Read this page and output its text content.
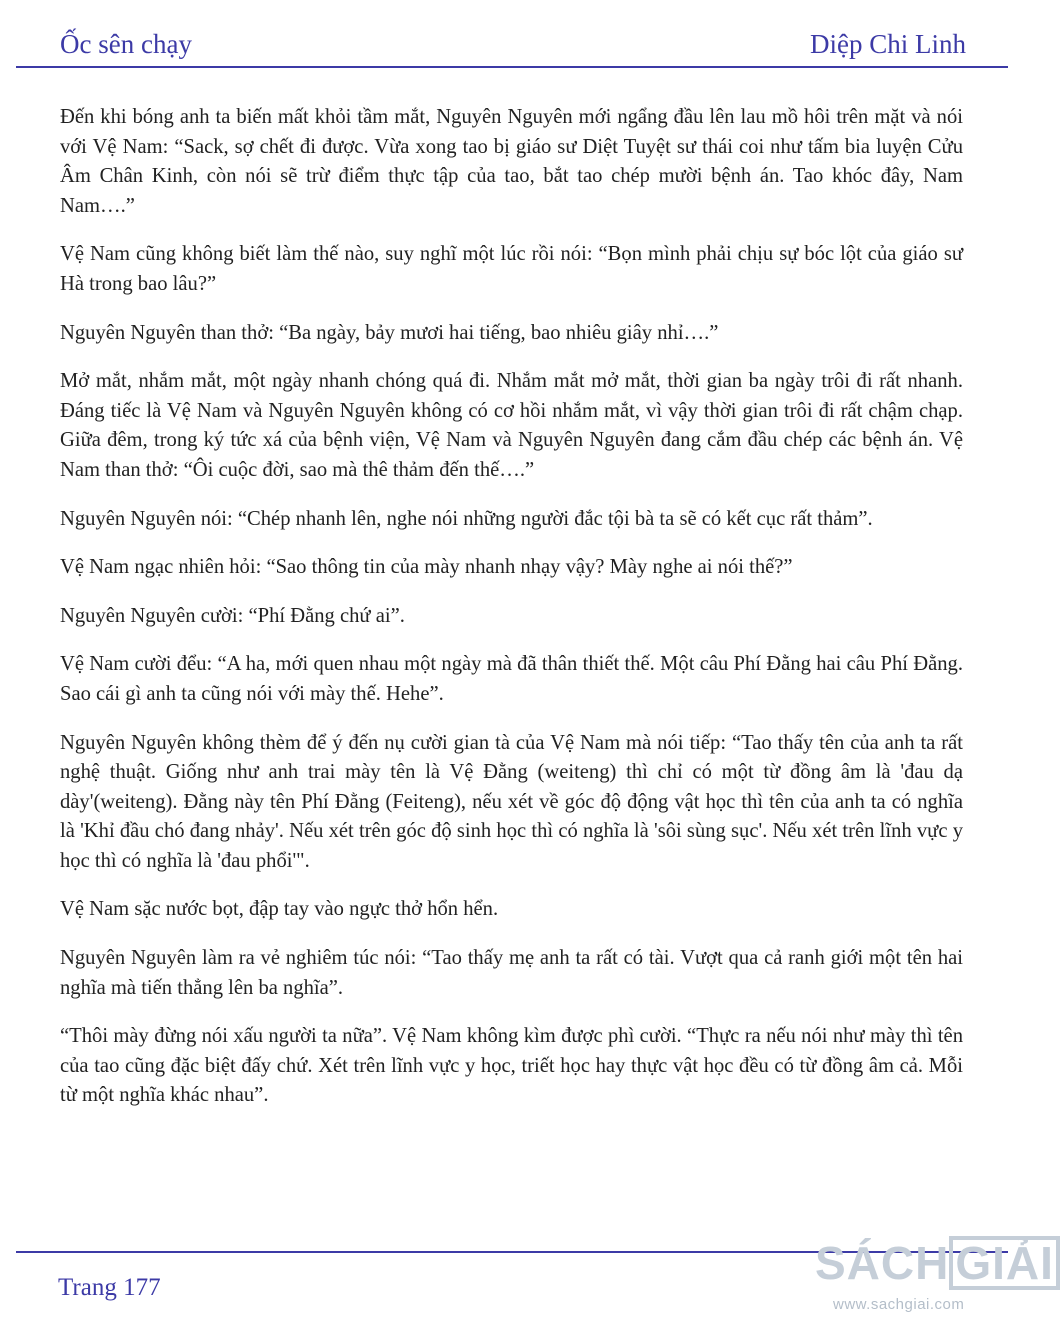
Ốc sên chạy	Diệp Chi Linh

Đến khi bóng anh ta biến mất khỏi tầm mắt, Nguyên Nguyên mới ngẩng đầu lên lau mồ hôi trên mặt và nói với Vệ Nam: “Sack, sợ chết đi được. Vừa xong tao bị giáo sư Diệt Tuyệt sư thái coi như tấm bia luyện Cửu Âm Chân Kinh, còn nói sẽ trừ điểm thực tập của tao, bắt tao chép mười bệnh án. Tao khóc đây, Nam Nam….”

Vệ Nam cũng không biết làm thế nào, suy nghĩ một lúc rồi nói: “Bọn mình phải chịu sự bóc lột của giáo sư Hà trong bao lâu?”

Nguyên Nguyên than thở: “Ba ngày, bảy mươi hai tiếng, bao nhiêu giây nhỉ….”

Mở mắt, nhắm mắt, một ngày nhanh chóng quá đi. Nhắm mắt mở mắt, thời gian ba ngày trôi đi rất nhanh. Đáng tiếc là Vệ Nam và Nguyên Nguyên không có cơ hồi nhắm mắt, vì vậy thời gian trôi đi rất chậm chạp. Giữa đêm, trong ký tức xá của bệnh viện, Vệ Nam và Nguyên Nguyên đang cắm đầu chép các bệnh án. Vệ Nam than thở: “Ôi cuộc đời, sao mà thê thảm đến thế….”

Nguyên Nguyên nói: “Chép nhanh lên, nghe nói những người đắc tội bà ta sẽ có kết cục rất thảm”.

Vệ Nam ngạc nhiên hỏi: “Sao thông tin của mày nhanh nhạy vậy? Mày nghe ai nói thế?”

Nguyên Nguyên cười: “Phí Đằng chứ ai”.

Vệ Nam cười đểu: “A ha, mới quen nhau một ngày mà đã thân thiết thế. Một câu Phí Đằng hai câu Phí Đằng. Sao cái gì anh ta cũng nói với mày thế. Hehe”.

Nguyên Nguyên không thèm để ý đến nụ cười gian tà của Vệ Nam mà nói tiếp: “Tao thấy tên của anh ta rất nghệ thuật. Giống như anh trai mày tên là Vệ Đằng (weiteng) thì chỉ có một từ đồng âm là 'đau dạ dày'(weiteng). Đằng này tên Phí Đằng (Feiteng), nếu xét về góc độ động vật học thì tên của anh ta có nghĩa là 'Khỉ đầu chó đang nhảy'. Nếu xét trên góc độ sinh học thì có nghĩa là 'sôi sùng sục'. Nếu xét trên lĩnh vực y học thì có nghĩa là 'đau phổi'".

Vệ Nam sặc nước bọt, đập tay vào ngực thở hổn hển.

Nguyên Nguyên làm ra vẻ nghiêm túc nói: “Tao thấy mẹ anh ta rất có tài. Vượt qua cả ranh giới một tên hai nghĩa mà tiến thẳng lên ba nghĩa”.

“Thôi mày đừng nói xấu người ta nữa”. Vệ Nam không kìm được phì cười. “Thực ra nếu nói như mày thì tên của tao cũng đặc biệt đấy chứ. Xét trên lĩnh vực y học, triết học hay thực vật học đều có từ đồng âm cả. Mỗi từ một nghĩa khác nhau”.

Trang 177	SÁCH GIẢI
www.sachgiai.com
